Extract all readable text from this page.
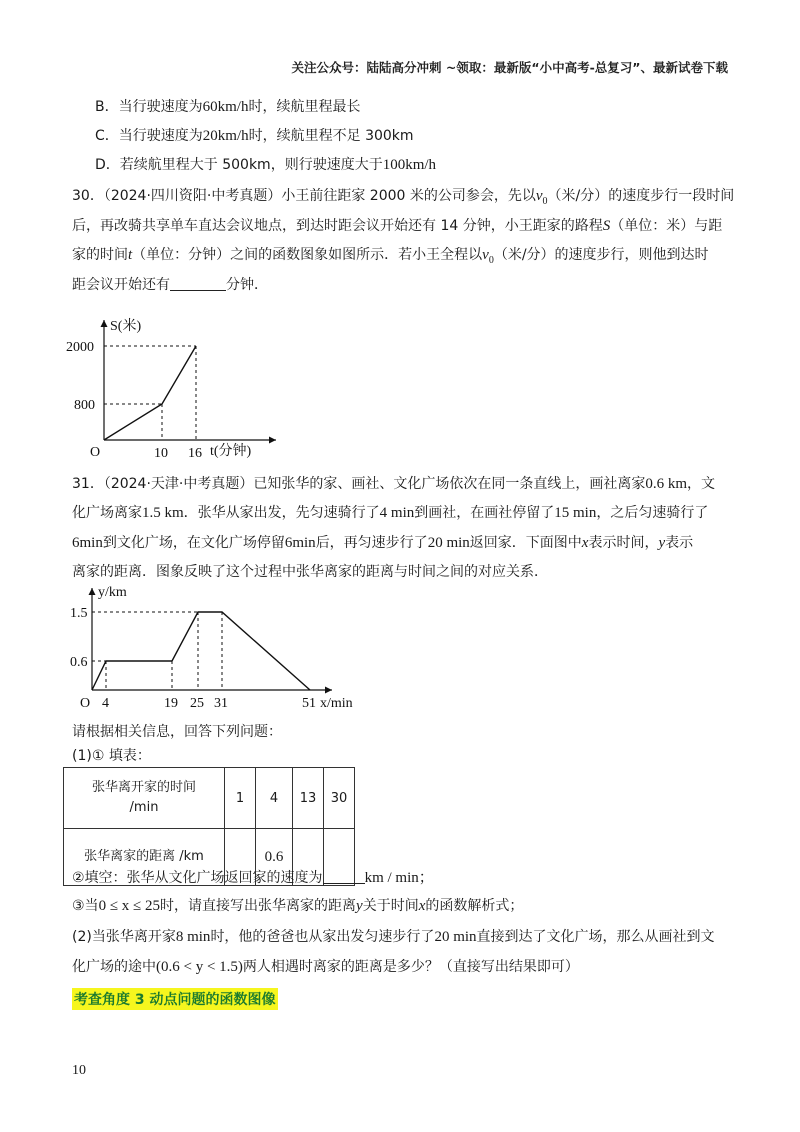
关注公众号：陆陆高分冲刺 ~领取：最新版“小中高考-总复习”、最新试卷下载
B．当行驶速度为60km/h时，续航里程最长
C．当行驶速度为20km/h时，续航里程不足 300km
D．若续航里程大于 500km，则行驶速度大于100km/h
30．（2024·四川资阳·中考真题）小王前往距家 2000 米的公司参会，先以$v_0$（米/分）的速度步行一段时间
后，再改骑共享单车直达会议地点，到达时距会议开始还有 14 分钟，小王距家的路程S（单位：米）与距
家的时间t（单位：分钟）之间的函数图象如图所示．若小王全程以$v_0$（米/分）的速度步行，则他到达时
距会议开始还有	分钟．
S(米)
t(分钟)
O
2000
800
10 16
31．（2024·天津·中考真题）已知张华的家、画社、文化广场依次在同一条直线上，画社离家0.6 km，文
化广场离家1.5 km．张华从家出发，先匀速骑行了4 min到画社，在画社停留了15 min，之后匀速骑行了
6min到文化广场，在文化广场停留6min后，再匀速步行了20 min返回家．下面图中x表示时间，y表示
离家的距离．图象反映了这个过程中张华离家的距离与时间之间的对应关系．
y/km
x/min
O
1.5
0.6
4	19 25 31	51
请根据相关信息，回答下列问题：
(1)① 填表：
张华离开家的时间
/min	1	4	13	30
张华离家的距离 /km		0.6		
②填空：张华从文化广场返回家的速度为	km / min；
③当0 ≤ x ≤ 25时，请直接写出张华离家的距离y关于时间x的函数解析式；
(2)当张华离开家8 min时，他的爸爸也从家出发匀速步行了20 min直接到达了文化广场，那么从画社到文
化广场的途中(0.6 < y < 1.5)两人相遇时离家的距离是多少？（直接写出结果即可）
考查角度 3 动点问题的函数图像
10
